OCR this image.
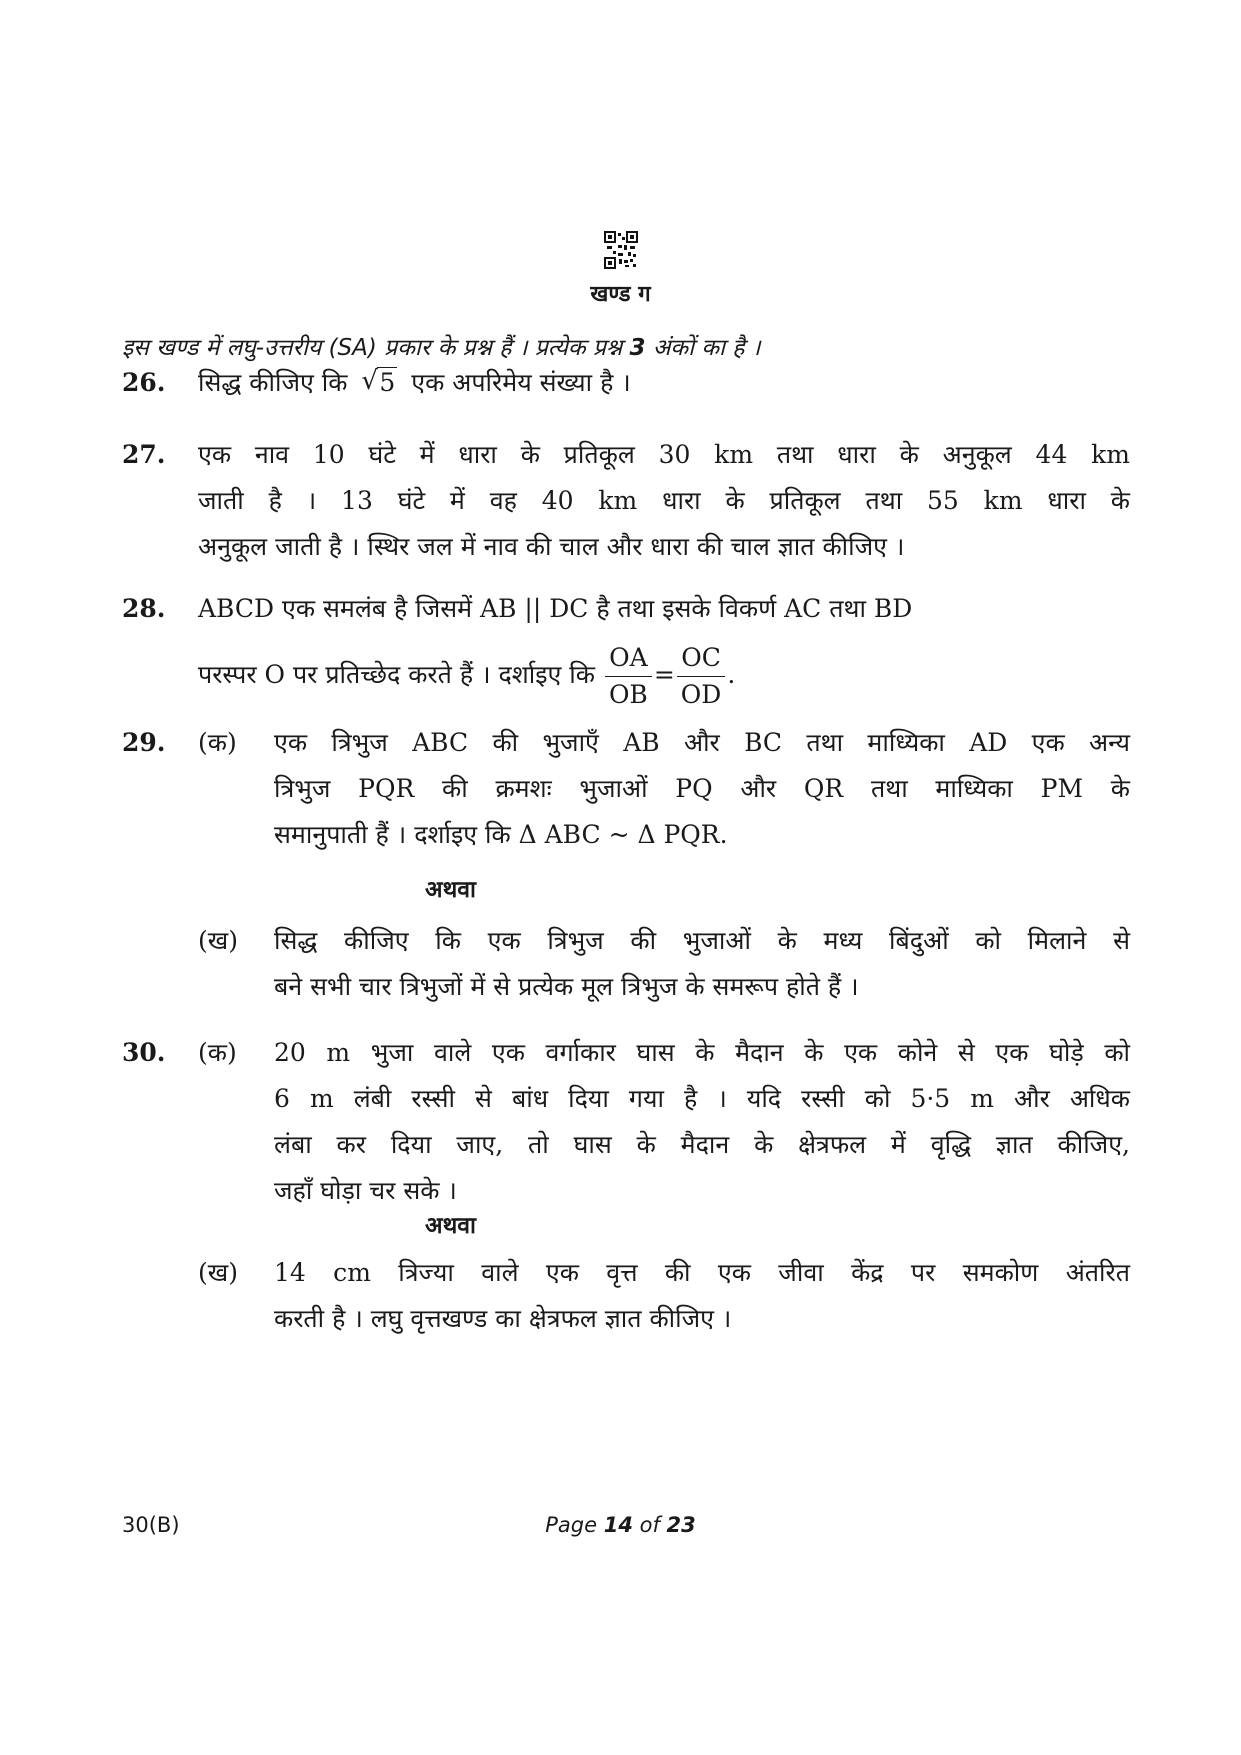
खण्ड ग
इस खण्ड में लघु-उत्तरीय (SA) प्रकार के प्रश्न हैं । प्रत्येक प्रश्न 3 अंकों का है ।
26. सिद्ध कीजिए कि √ 5 एक अपरिमेय संख्या है ।
27. एक नाव 10 घंटे में धारा के प्रतिकूल 30 km तथा धारा के अनुकूल 44 km
जाती है । 13 घंटे में वह 40 km धारा के प्रतिकूल तथा 55 km धारा के
अनुकूल जाती है । स्थिर जल में नाव की चाल और धारा की चाल ज्ञात कीजिए ।
28. ABCD एक समलंब है जिसमें AB || DC है तथा इसके विकर्ण AC तथा BD
परस्पर O पर प्रतिच्छेद करते हैं । दर्शाइए कि $\frac{OA}{OB} = \frac{OC}{OD}$ .
29. (क)	एक त्रिभुज ABC की भुजाएँ AB और BC तथा माध्यिका AD एक अन्य
त्रिभुज PQR की क्रमशः भुजाओं PQ और QR तथा माध्यिका PM के
समानुपाती हैं । दर्शाइए कि Δ ABC ~ Δ PQR.
अथवा
(ख)	सिद्ध कीजिए कि एक त्रिभुज की भुजाओं के मध्य बिंदुओं को मिलाने से
बने सभी चार त्रिभुजों में से प्रत्येक मूल त्रिभुज के समरूप होते हैं ।
30. (क)	20 m भुजा वाले एक वर्गाकार घास के मैदान के एक कोने से एक घोड़े को
6 m लंबी रस्सी से बांध दिया गया है । यदि रस्सी को 5·5 m और अधिक
लंबा कर दिया जाए, तो घास के मैदान के क्षेत्रफल में वृद्धि ज्ञात कीजिए,
जहाँ घोड़ा चर सके ।
अथवा
(ख)	14 cm त्रिज्या वाले एक वृत्त की एक जीवा केंद्र पर समकोण अंतरित
करती है । लघु वृत्तखण्ड का क्षेत्रफल ज्ञात कीजिए ।
30(B)	Page 14 of 23
